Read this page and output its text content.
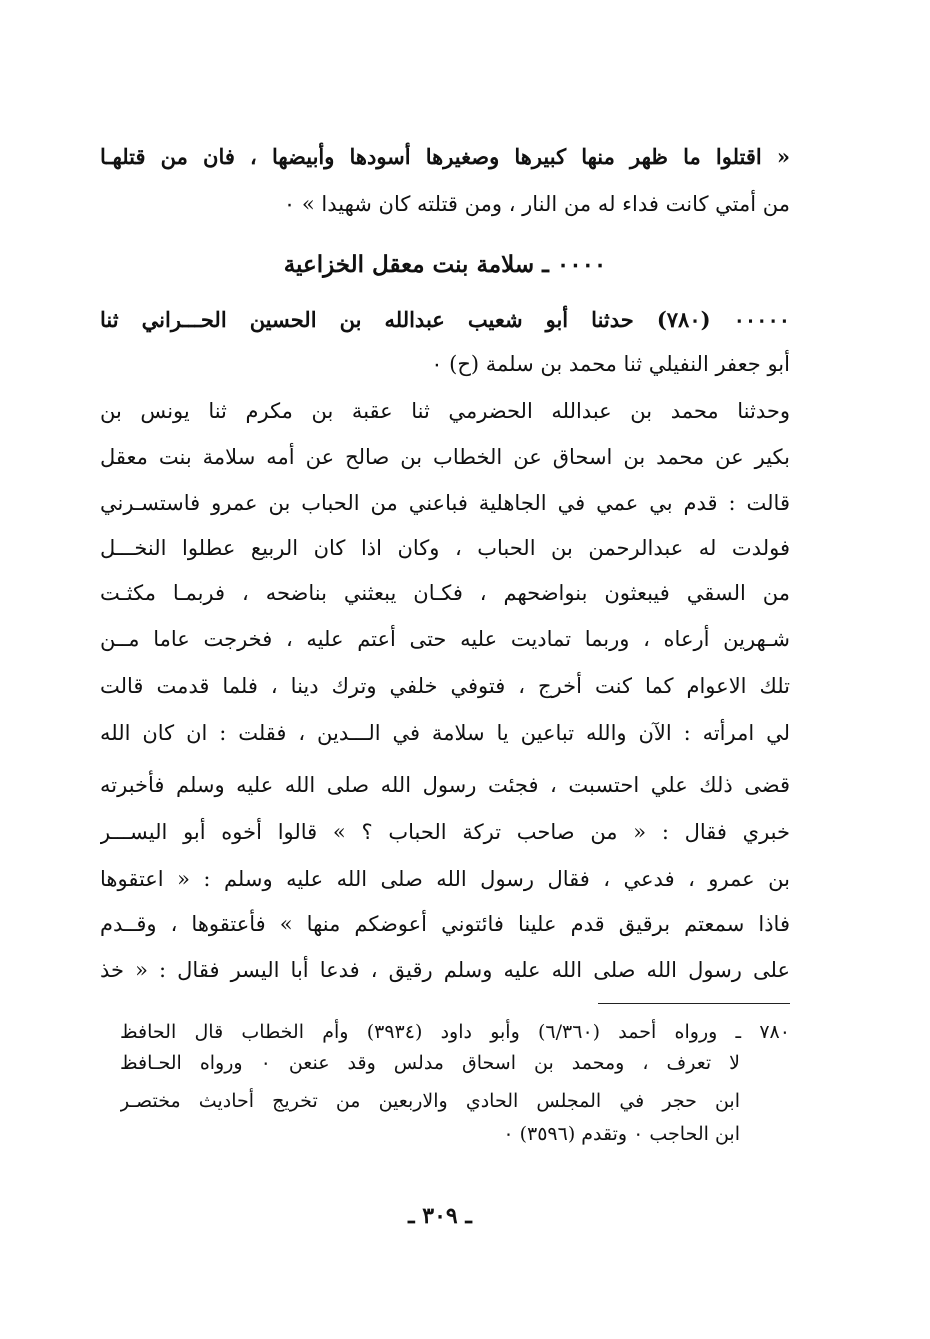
« اقتلوا ما ظهر منها كبيرها وصغيرها أسودها وأبيضها ، فان من قتلهـا
من أمتي كانت فداء له من النار ، ومن قتلته كان شهيدا » ٠
٠٠٠٠ ـ سلامة بنت معقل الخزاعية
٠٠٠٠٠ (٧٨٠) حدثنا أبو شعيب عبدالله بن الحسين الحـــراني ثنا
أبو جعفر النفيلي ثنا محمد بن سلمة (ح) ٠
وحدثنا محمد بن عبدالله الحضرمي ثنا عقبة بن مكرم ثنا يونس بن
بكير عن محمد بن اسحاق عن الخطاب بن صالح عن أمه سلامة بنت معقل
قالت : قدم بي عمي في الجاهلية فباعني من الحباب بن عمرو فاستسـرني
فولدت له عبدالرحمن بن الحباب ، وكان اذا كان الربيع عطلوا النخـــل
من السقي فيبعثون بنواضحهم ، فكـان يبعثني بناضحه ، فربمـا مكثـت
شـهرين أرعاه ، وربما تماديت عليه حتى أعتم عليه ، فخرجت عاما مــن
تلك الاعوام كما كنت أخرج ، فتوفي خلفي وترك دينا ، فلما قدمت قالت
لي امرأته : الآن والله تباعين يا سلامة في الـــدين ، فقلت : ان كان الله
قضى ذلك علي احتسبت ، فجئت رسول الله صلى الله عليه وسلم فأخبرته
خبري فقال : « من صاحب تركة الحباب ؟ » قالوا أخوه أبو اليســـر
بن عمرو ، فدعي ، فقال رسول الله صلى الله عليه وسلم : « اعتقوها
فاذا سمعتم برقيق قدم علينا فائتوني أعوضكم منها » فأعتقوها ، وقــدم
على رسول الله صلى الله عليه وسلم رقيق ، فدعا أبا اليسر فقال : « خذ
٧٨٠ ـ ورواه أحمد (٦/٣٦٠) وأبو داود (٣٩٣٤) وأم الخطاب قال الحافظ
لا تعرف ، ومحمد بن اسحاق مدلس وقد عنعن ٠ ورواه الحـافظ
ابن حجر في المجلس الحادي والاربعين من تخريج أحاديث مختصـر
ابن الحاجب ٠ وتقدم (٣٥٩٦) ٠
ـ ٣٠٩ ـ
